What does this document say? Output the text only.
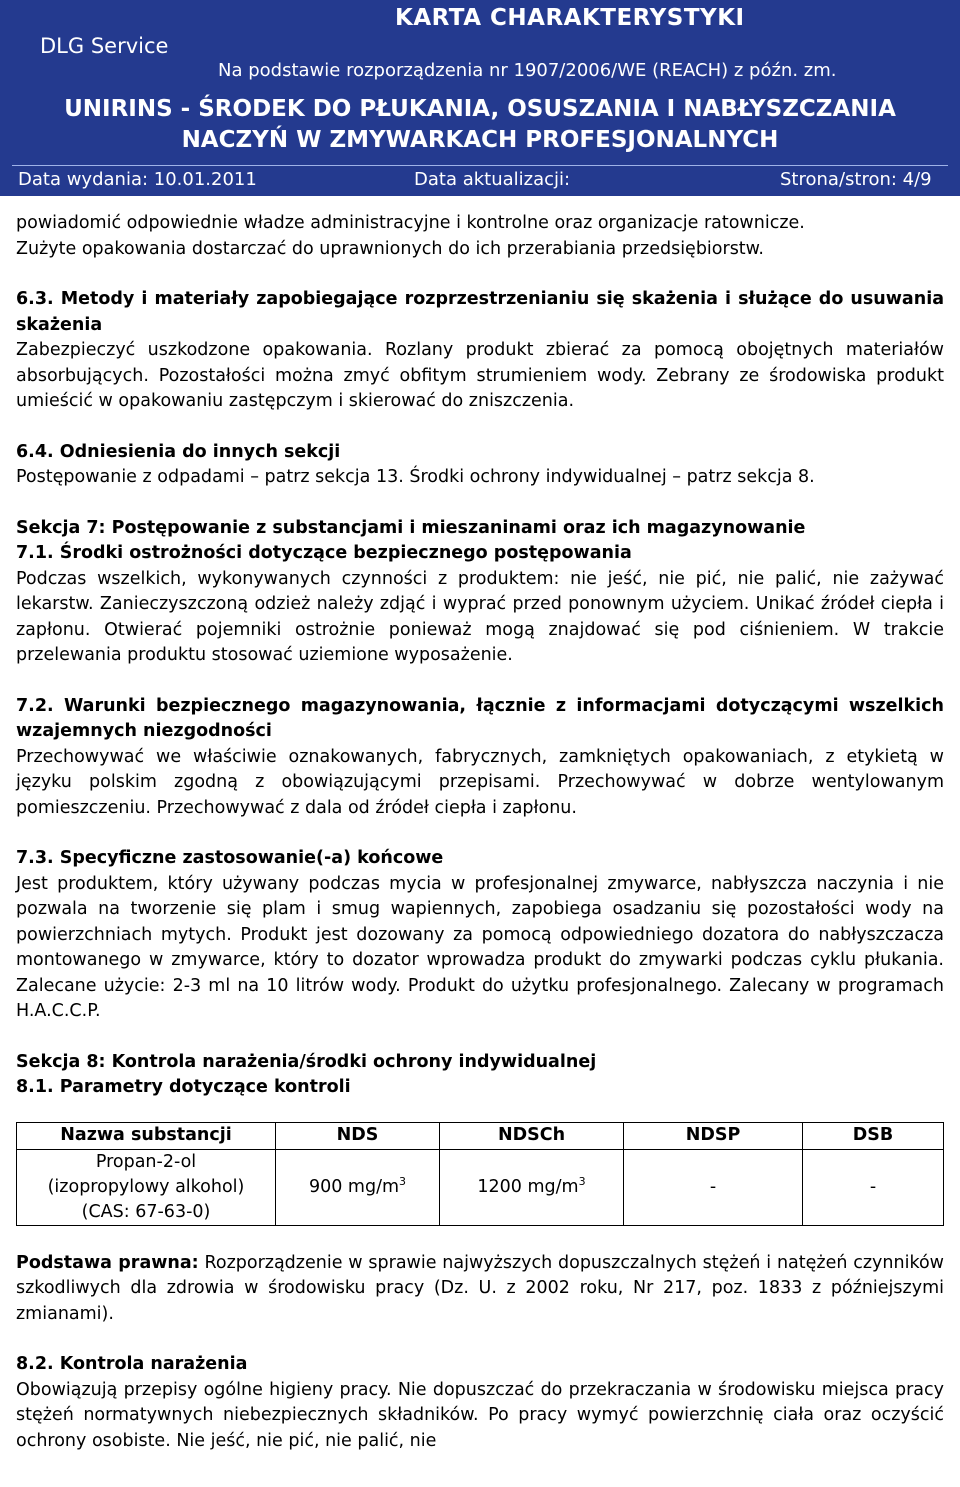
DLG Service
KARTA CHARAKTERYSTYKI
Na podstawie rozporządzenia nr 1907/2006/WE (REACH) z późn. zm.
UNIRINS - ŚRODEK DO PŁUKANIA, OSUSZANIA I NABŁYSZCZANIA
NACZYŃ W ZMYWARKACH PROFESJONALNYCH
Data wydania: 10.01.2011	Data aktualizacji:	Strona/stron: 4/9

powiadomić odpowiednie władze administracyjne i kontrolne oraz organizacje ratownicze.

Zużyte opakowania dostarczać do uprawnionych do ich przerabiania przedsiębiorstw.

6.3. Metody i materiały zapobiegające rozprzestrzenianiu się skażenia i służące do usuwania skażenia

Zabezpieczyć uszkodzone opakowania. Rozlany produkt zbierać za pomocą obojętnych materiałów absorbujących. Pozostałości można zmyć obfitym strumieniem wody. Zebrany ze środowiska produkt umieścić w opakowaniu zastępczym i skierować do zniszczenia.

6.4. Odniesienia do innych sekcji

Postępowanie z odpadami – patrz sekcja 13. Środki ochrony indywidualnej – patrz sekcja 8.

Sekcja 7: Postępowanie z substancjami i mieszaninami oraz ich magazynowanie

7.1. Środki ostrożności dotyczące bezpiecznego postępowania

Podczas wszelkich, wykonywanych czynności z produktem: nie jeść, nie pić, nie palić, nie zażywać lekarstw. Zanieczyszczoną odzież należy zdjąć i wyprać przed ponownym użyciem. Unikać źródeł ciepła i zapłonu. Otwierać pojemniki ostrożnie ponieważ mogą znajdować się pod ciśnieniem. W trakcie przelewania produktu stosować uziemione wyposażenie.

7.2. Warunki bezpiecznego magazynowania, łącznie z informacjami dotyczącymi wszelkich wzajemnych niezgodności

Przechowywać we właściwie oznakowanych, fabrycznych, zamkniętych opakowaniach, z etykietą w języku polskim zgodną z obowiązującymi przepisami. Przechowywać w dobrze wentylowanym pomieszczeniu. Przechowywać z dala od źródeł ciepła i zapłonu.

7.3. Specyficzne zastosowanie(-a) końcowe

Jest produktem, który używany podczas mycia w profesjonalnej zmywarce, nabłyszcza naczynia i nie pozwala na tworzenie się plam i smug wapiennych, zapobiega osadzaniu się pozostałości wody na powierzchniach mytych. Produkt jest dozowany za pomocą odpowiedniego dozatora do nabłyszczacza montowanego w zmywarce, który to dozator wprowadza produkt do zmywarki podczas cyklu płukania. Zalecane użycie: 2-3 ml na 10 litrów wody. Produkt do użytku profesjonalnego. Zalecany w programach H.A.C.C.P.

Sekcja 8: Kontrola narażenia/środki ochrony indywidualnej

8.1. Parametry dotyczące kontroli

Nazwa substancji	NDS	NDSCh	NDSP	DSB

Propan-2-ol
(izopropylowy alkohol)
(CAS: 67-63-0)	900 $mg/m^3$	1200 $mg/m^3$	-	-

Podstawa prawna: Rozporządzenie w sprawie najwyższych dopuszczalnych stężeń i natężeń czynników szkodliwych dla zdrowia w środowisku pracy (Dz. U. z 2002 roku, Nr 217, poz. 1833 z późniejszymi zmianami).

8.2. Kontrola narażenia

Obowiązują przepisy ogólne higieny pracy. Nie dopuszczać do przekraczania w środowisku miejsca pracy stężeń normatywnych niebezpiecznych składników. Po pracy wymyć powierzchnię ciała oraz oczyścić ochrony osobiste. Nie jeść, nie pić, nie palić, nie
